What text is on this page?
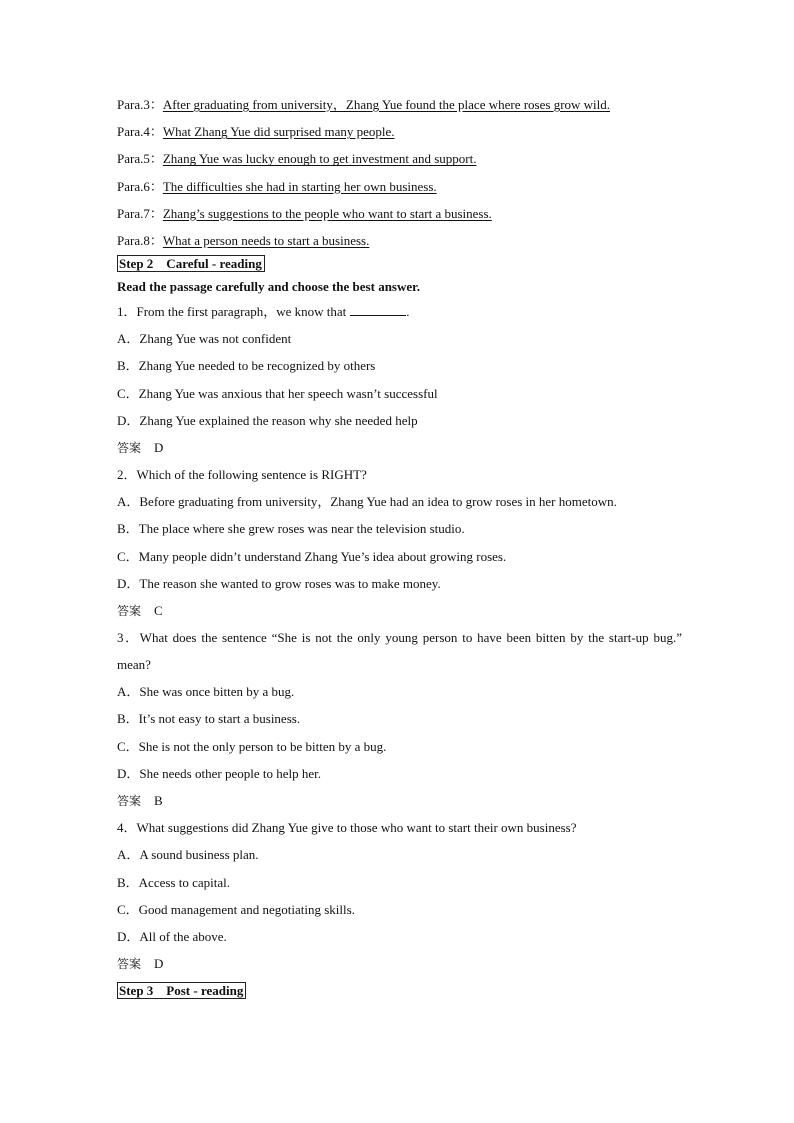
Para.3：After graduating from university，Zhang Yue found the place where roses grow wild.
Para.4：What Zhang Yue did surprised many people.
Para.5：Zhang Yue was lucky enough to get investment and support.
Para.6：The difficulties she had in starting her own business.
Para.7：Zhang’s suggestions to the people who want to start a business.
Para.8：What a person needs to start a business.
Step 2　Careful - reading
Read the passage carefully and choose the best answer.
1．From the first paragraph，we know that	.
A．Zhang Yue was not confident
B．Zhang Yue needed to be recognized by others
C．Zhang Yue was anxious that her speech wasn’t successful
D．Zhang Yue explained the reason why she needed help
答案 D
2．Which of the following sentence is RIGHT?
A．Before graduating from university，Zhang Yue had an idea to grow roses in her hometown.
B．The place where she grew roses was near the television studio.
C．Many people didn’t understand Zhang Yue’s idea about growing roses.
D．The reason she wanted to grow roses was to make money.
答案 C
3．What does the sentence “She is not the only young person to have been bitten by the start-up bug.” mean?
A．She was once bitten by a bug.
B．It’s not easy to start a business.
C．She is not the only person to be bitten by a bug.
D．She needs other people to help her.
答案 B
4．What suggestions did Zhang Yue give to those who want to start their own business?
A．A sound business plan.
B．Access to capital.
C．Good management and negotiating skills.
D．All of the above.
答案 D
Step 3　Post - reading
